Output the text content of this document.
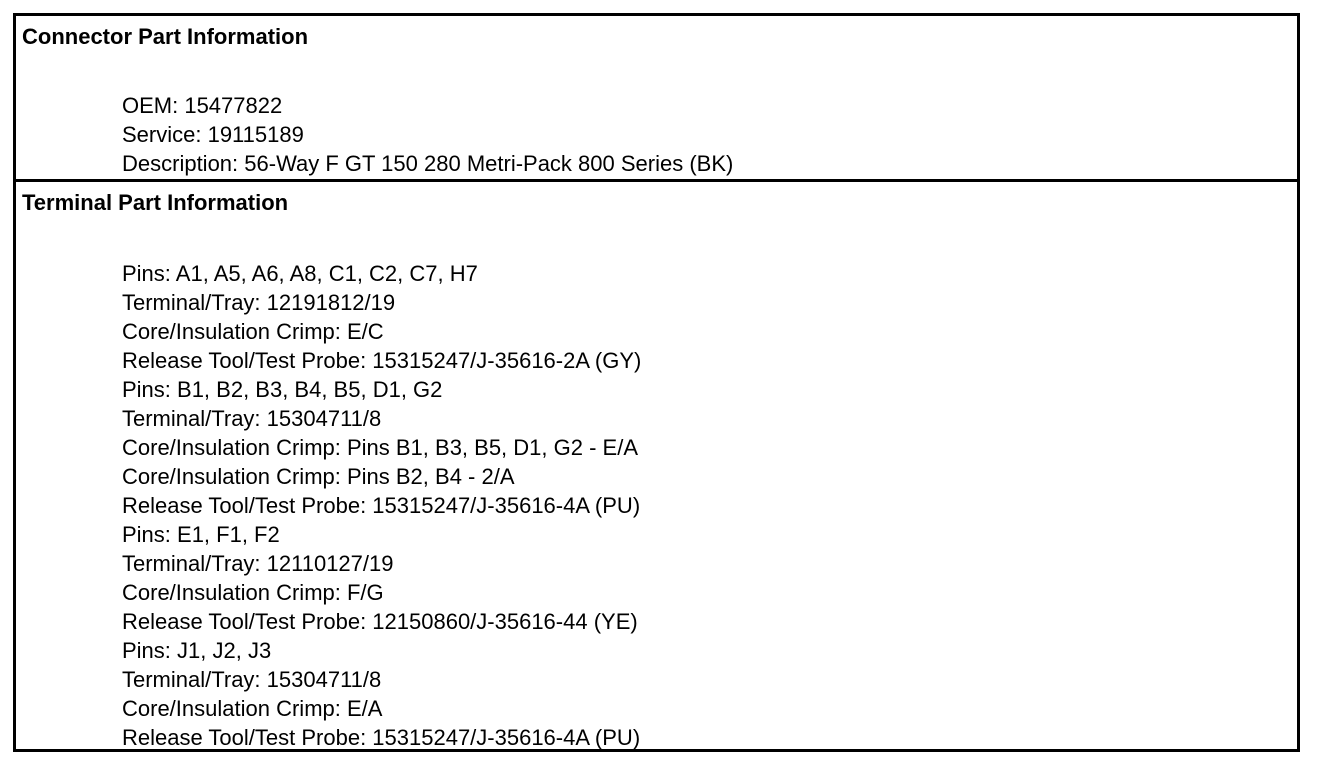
Connector Part Information
OEM: 15477822
Service: 19115189
Description: 56-Way F GT 150 280 Metri-Pack 800 Series (BK)
Terminal Part Information
Pins: A1, A5, A6, A8, C1, C2, C7, H7
Terminal/Tray: 12191812/19
Core/Insulation Crimp: E/C
Release Tool/Test Probe: 15315247/J-35616-2A (GY)
Pins: B1, B2, B3, B4, B5, D1, G2
Terminal/Tray: 15304711/8
Core/Insulation Crimp: Pins B1, B3, B5, D1, G2 - E/A
Core/Insulation Crimp: Pins B2, B4 - 2/A
Release Tool/Test Probe: 15315247/J-35616-4A (PU)
Pins: E1, F1, F2
Terminal/Tray: 12110127/19
Core/Insulation Crimp: F/G
Release Tool/Test Probe: 12150860/J-35616-44 (YE)
Pins: J1, J2, J3
Terminal/Tray: 15304711/8
Core/Insulation Crimp: E/A
Release Tool/Test Probe: 15315247/J-35616-4A (PU)
